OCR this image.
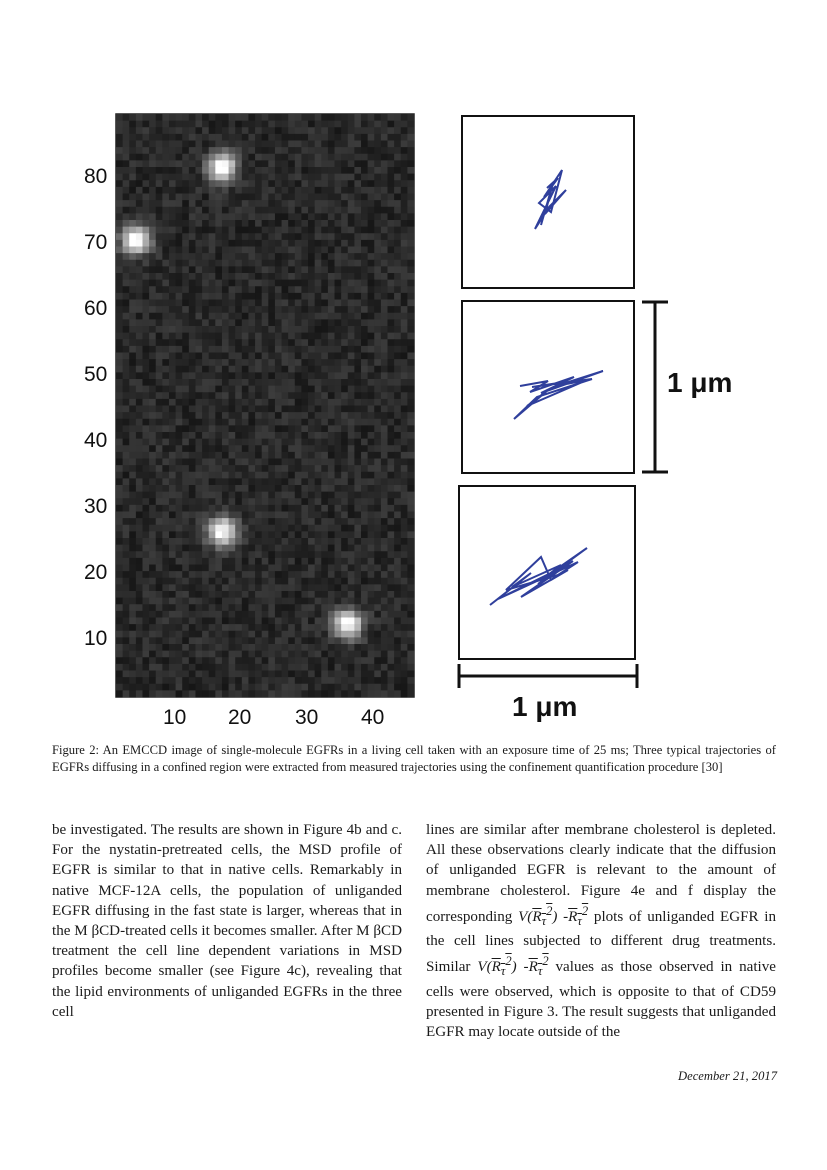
80
70
60
50
40
30
20
10
10 20 30 40
1 μm
1 μm
Figure 2: An EMCCD image of single-molecule EGFRs in a living cell taken with an exposure time of 25 ms; Three typical trajectories of EGFRs diffusing in a confined region were extracted from measured trajectories using the confinement quantification procedure [30]

be investigated. The results are shown in Figure 4b and c. For the nystatin-pretreated cells, the MSD profile of EGFR is similar to that in native cells. Remarkably in native MCF-12A cells, the population of unliganded EGFR diffusing in the fast state is larger, whereas that in the M βCD-treated cells it becomes smaller. After M βCD treatment the cell line dependent variations in MSD profiles become smaller (see Figure 4c), revealing that the lipid environments of unliganded EGFRs in the three cell

lines are similar after membrane cholesterol is depleted. All these observations clearly indicate that the diffusion of unliganded EGFR is relevant to the amount of membrane cholesterol. Figure 4e and f display the corresponding $V(R_\tau^2)$ $-R_\tau^2$ plots of unliganded EGFR in the cell lines subjected to different drug treatments. Similar $V(R_\tau^2)$ $-R_\tau^2$ values as those observed in native cells were observed, which is opposite to that of CD59 presented in Figure 3. The result suggests that unliganded EGFR may locate outside of the

December 21, 2017
